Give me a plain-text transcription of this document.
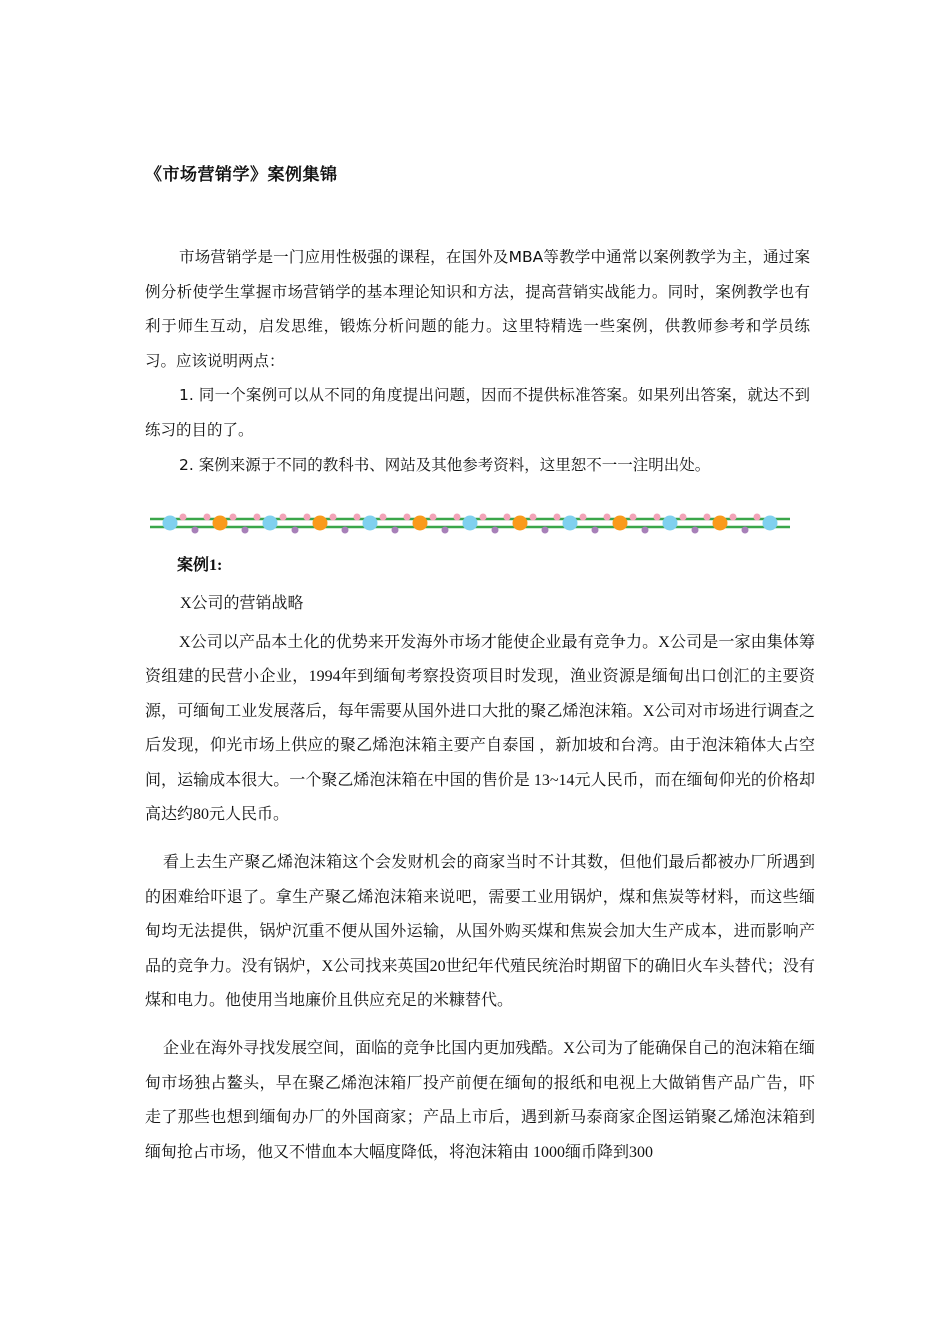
《市场营销学》案例集锦

市场营销学是一门应用性极强的课程，在国外及MBA等教学中通常以案例教学为主，通过案例分析使学生掌握市场营销学的基本理论知识和方法，提高营销实战能力。同时，案例教学也有利于师生互动，启发思维，锻炼分析问题的能力。这里特精选一些案例，供教师参考和学员练习。应该说明两点：

1. 同一个案例可以从不同的角度提出问题，因而不提供标准答案。如果列出答案，就达不到练习的目的了。

2. 案例来源于不同的教科书、网站及其他参考资料，这里恕不一一注明出处。

案例1:
X公司的营销战略

X公司以产品本土化的优势来开发海外市场才能使企业最有竞争力。X公司是一家由集体筹资组建的民营小企业，1994年到缅甸考察投资项目时发现，渔业资源是缅甸出口创汇的主要资源，可缅甸工业发展落后，每年需要从国外进口大批的聚乙烯泡沫箱。X公司对市场进行调查之后发现，仰光市场上供应的聚乙烯泡沫箱主要产自泰国 ，新加坡和台湾。由于泡沫箱体大占空间，运输成本很大。一个聚乙烯泡沫箱在中国的售价是 13~14元人民币，而在缅甸仰光的价格却高达约80元人民币。

看上去生产聚乙烯泡沫箱这个会发财机会的商家当时不计其数，但他们最后都被办厂所遇到的困难给吓退了。拿生产聚乙烯泡沫箱来说吧，需要工业用锅炉，煤和焦炭等材料，而这些缅甸均无法提供，锅炉沉重不便从国外运输，从国外购买煤和焦炭会加大生产成本，进而影响产品的竞争力。没有锅炉，X公司找来英国20世纪年代殖民统治时期留下的确旧火车头替代；没有煤和电力。他使用当地廉价且供应充足的米糠替代。

企业在海外寻找发展空间，面临的竞争比国内更加残酷。X公司为了能确保自己的泡沫箱在缅甸市场独占鳌头，早在聚乙烯泡沫箱厂投产前便在缅甸的报纸和电视上大做销售产品广告，吓走了那些也想到缅甸办厂的外国商家；产品上市后，遇到新马泰商家企图运销聚乙烯泡沫箱到缅甸抢占市场，他又不惜血本大幅度降低，将泡沫箱由 1000缅币降到300
